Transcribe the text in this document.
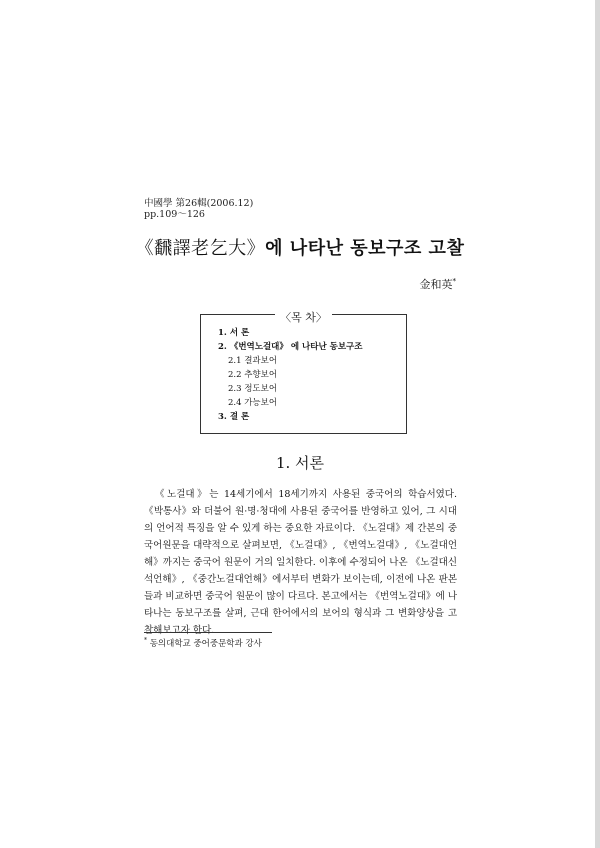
中國學 第26輯(2006.12)
pp.109～126
《飜譯老乞大》에 나타난 동보구조 고찰
金和英*
〈목 차〉
1. 서 론
2. 《번역노걸대》 에 나타난 동보구조
2.1 결과보어
2.2 추향보어
2.3 정도보어
2.4 가능보어
3. 결 론
1. 서론

《노걸대》는 14세기에서 18세기까지 사용된 중국어의 학습서였다. 《박통사》와 더불어 원·명·청대에 사용된 중국어를 반영하고 있어, 그 시대의 언어적 특징을 알 수 있게 하는 중요한 자료이다. 《노걸대》제 간본의 중국어원문을 대략적으로 살펴보면, 《노걸대》, 《번역노걸대》, 《노걸대언해》까지는 중국어 원문이 거의 일치한다. 이후에 수정되어 나온 《노걸대신석언해》, 《중간노걸대언해》에서부터 변화가 보이는데, 이전에 나온 판본들과 비교하면 중국어 원문이 많이 다르다. 본고에서는 《번역노걸대》에 나타나는 동보구조를 살펴, 근대 한어에서의 보어의 형식과 그 변화양상을 고찰해보고자 한다.

* 동의대학교 중어중문학과 강사
